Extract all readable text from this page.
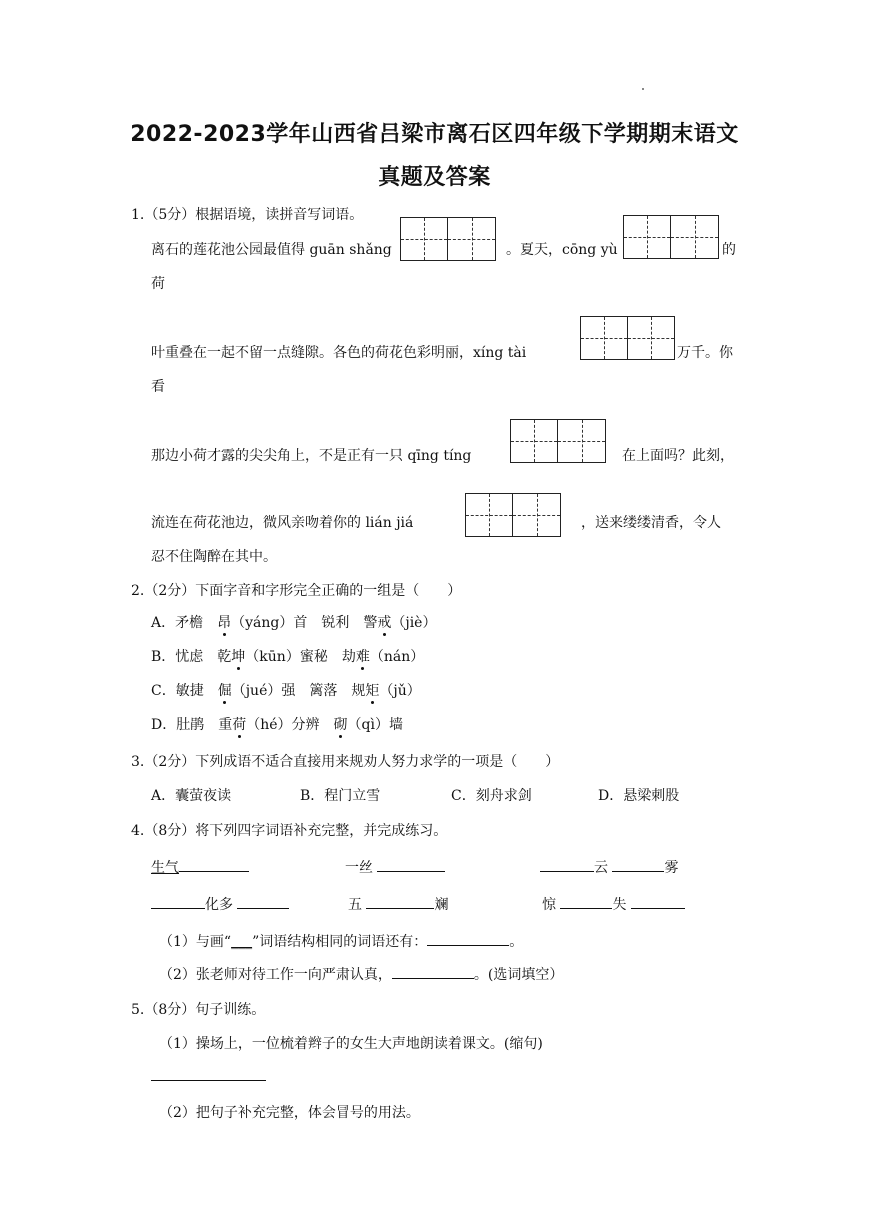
2022-2023学年山西省吕梁市离石区四年级下学期期末语文
真题及答案
1.（5分）根据语境，读拼音写词语。
离石的莲花池公园最值得 guān shǎng	。夏天，cōng yù	的
荷
叶重叠在一起不留一点缝隙。各色的荷花色彩明丽，xíng tài	万千。你
看
那边小荷才露的尖尖角上，不是正有一只 qīng tíng	在上面吗？此刻，
流连在荷花池边，微风亲吻着你的 lián jiá	，送来缕缕清香，令人
忍不住陶醉在其中。
2.（2分）下面字音和字形完全正确的一组是（　　）
A．矛檐　昂（yáng）首　锐利　警戒（jiè）
B．忧虑　乾坤（kūn）蜜秘　劫难（nán）
C．敏捷　倔（jué）强　篱落　规矩（jǔ）
D．肚鹃　重荷（hé）分辨　砌（qì）墙
3.（2分）下列成语不适合直接用来规劝人努力求学的一项是（　　）
A．囊萤夜读	B．程门立雪	C．刻舟求剑	D．悬梁刺股
4.（8分）将下列四字词语补充完整，并完成练习。
生气	一丝	云	雾
化多	五	斓	惊	失
（1）与画“___”词语结构相同的词语还有：	。
（2）张老师对待工作一向严肃认真，	。(选词填空）
5.（8分）句子训练。
（1）操场上，一位梳着辫子的女生大声地朗读着课文。(缩句)
（2）把句子补充完整，体会冒号的用法。
